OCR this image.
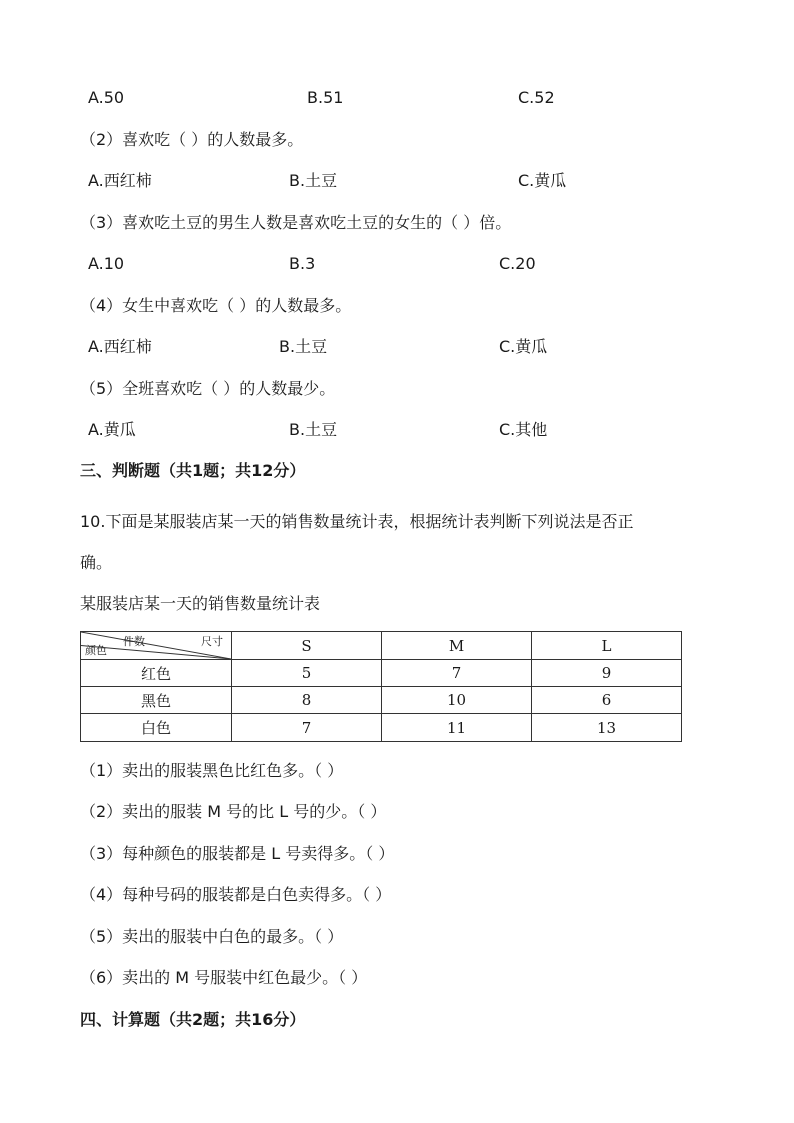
A.50	B.51	C.52
（2）喜欢吃（ ）的人数最多。
A.西红柿	B.土豆	C.黄瓜
（3）喜欢吃土豆的男生人数是喜欢吃土豆的女生的（ ）倍。
A.10	B.3	C.20
（4）女生中喜欢吃（ ）的人数最多。
A.西红柿	B.土豆	C.黄瓜
（5）全班喜欢吃（ ）的人数最少。
A.黄瓜	B.土豆	C.其他
三、判断题（共1题；共12分）
10.下面是某服装店某一天的销售数量统计表，根据统计表判断下列说法是否正
确。
某服装店某一天的销售数量统计表
件数 尺寸
颜色	S	M	L
红色	5	7	9
黑色	8	10	6
白色	7	11	13
（1）卖出的服装黑色比红色多。（ ）
（2）卖出的服装 M 号的比 L 号的少。（ ）
（3）每种颜色的服装都是 L 号卖得多。（ ）
（4）每种号码的服装都是白色卖得多。（ ）
（5）卖出的服装中白色的最多。（ ）
（6）卖出的 M 号服装中红色最少。（ ）
四、计算题（共2题；共16分）
